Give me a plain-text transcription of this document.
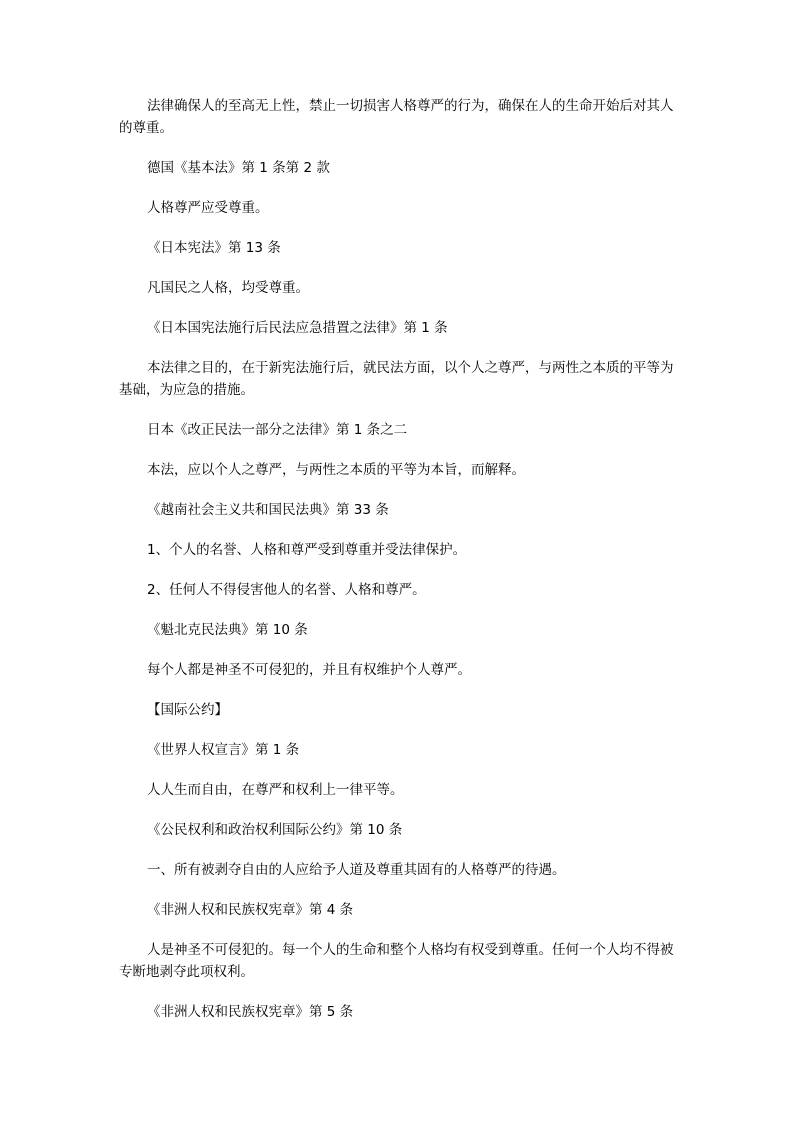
法律确保人的至高无上性，禁止一切损害人格尊严的行为，确保在人的生命开始后对其人的尊重。

德国《基本法》第 1 条第 2 款

人格尊严应受尊重。

《日本宪法》第 13 条

凡国民之人格，均受尊重。

《日本国宪法施行后民法应急措置之法律》第 1 条

本法律之目的，在于新宪法施行后，就民法方面，以个人之尊严，与两性之本质的平等为基础，为应急的措施。

日本《改正民法一部分之法律》第 1 条之二

本法，应以个人之尊严，与两性之本质的平等为本旨，而解释。

《越南社会主义共和国民法典》第 33 条

1、个人的名誉、人格和尊严受到尊重并受法律保护。

2、任何人不得侵害他人的名誉、人格和尊严。

《魁北克民法典》第 10 条

每个人都是神圣不可侵犯的，并且有权维护个人尊严。

【国际公约】

《世界人权宣言》第 1 条

人人生而自由，在尊严和权利上一律平等。

《公民权利和政治权利国际公约》第 10 条

一、所有被剥夺自由的人应给予人道及尊重其固有的人格尊严的待遇。

《非洲人权和民族权宪章》第 4 条

人是神圣不可侵犯的。每一个人的生命和整个人格均有权受到尊重。任何一个人均不得被专断地剥夺此项权利。

《非洲人权和民族权宪章》第 5 条
